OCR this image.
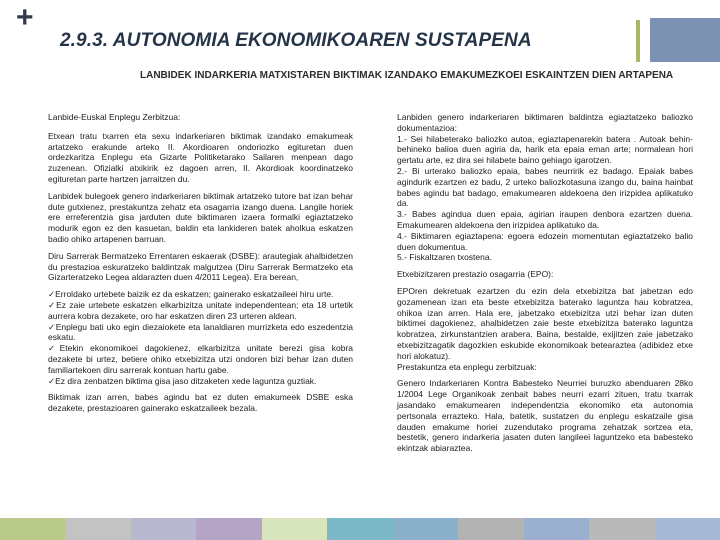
+
2.9.3. AUTONOMIA EKONOMIKOAREN SUSTAPENA
LANBIDEK INDARKERIA MATXISTAREN BIKTIMAK IZANDAKO EMAKUMEZKOEI ESKAINTZEN DIEN ARTAPENA

Lanbide-Euskal Enplegu Zerbitzua:

Etxean tratu txarren eta sexu indarkeriaren biktimak izandako emakumeak artatzeko erakunde arteko II. Akordioaren ondorioz​ko egituretan duen ordezkaritza Enplegu eta Gizarte Politiketarako Sailaren menpean dago zuzenean. Ofizialki atxikirik ez dagoen arren, II. Akordioak koordinatzeko egituretan parte hartzen jarraitzen du.

Lanbidek bulegoek genero indarkeriaren biktimak artatzeko tutore bat izan behar dute gutxienez, prestakuntza zehatz eta osagarria izango duena. Langile horiek ere erreferentzia gisa jarduten dute biktimaren izaera formalki egiaztatzeko modurik egon ez den kasuetan, baldin eta lankideren batek aholkua eskatzen badio ohiko artapenen barruan.

Diru Sarrerak Bermatzeko Errentaren eskaerak (DSBE): arautegiak ahalbidetzen du prestazioa eskuratzeko baldintzak malgutzea (Diru Sarrerak Bermatzeko eta Gizarteratzeko Legea aldarazten duen 4/2011 Legea). Era berean,

✓Erroldako urtebete baizik ez da eskatzen; gainerako eskatzaileei hiru urte.

✓Ez zaie urtebete eskatzen elkarbizitza unitate independentean; eta 18 urtetik aurrera kobra dezakete, oro har eskatzen diren 23 urteren aldean.

✓Enplegu bati uko egin diezaiokete eta lanaldiaren murrizketa edo eszedentzia eskatu.

✓Etekin ekonomikoei dagokienez, elkarbizitza unitate berezi gisa kobra dezakete bi urtez, betiere ohiko etxebizitza utzi ondoren bizi behar izan duten familiartekoen diru sarrerak kontuan hartu gabe.

✓Ez dira zenbatzen biktima gisa jaso ditzaketen xede laguntza guztiak.

Biktimak izan arren, babes agindu bat ez duten emakumeek DSBE eska dezakete, prestazioaren gainerako eskatzaileek bezala.

Lanbiden genero indarkeriaren biktimaren baldintza egiaztatzeko baliozko dokumentazioa:

1.- Sei hilabeterako baliozko autoa, egiaztapenarekin batera . Autoak behin-behineko balioa duen agiria da, harik eta epaia eman arte; normalean hori gertatu arte, ez dira sei hilabete baino gehiago igarotzen.

2.- Bi urterako baliozko epaia, babes neurririk ez badago. Epaiak babes agindurik ezartzen ez badu, 2 urteko baliozkotasuna izango du, baina hainbat babes agindu bat badago, emakumearen aldekoena den irizpidea aplikatuko da.

3.- Babes agindua duen epaia, agirian iraupen denbora ezartzen duena. Emakumearen aldekoena den irizpidea aplikatuko da.

4.- Biktimaren egiaztapena: egoera edozein momentutan egiaztatzeko balio duen dokumentua.

5.- Fiskaltzaren txostena.

Etxebizitzaren prestazio osagarria (EPO):

EPOren dekretuak ezartzen du ezin dela etxebizitza bat jabetzan edo gozamenean izan eta beste etxebizitza baterako laguntza hau kobratzea, ohikoa izan arren. Hala ere, jabetzako etxebizitza utzi behar izan duten biktimei dagokienez, ahalbidetzen zaie beste etxebizitza baterako laguntza kobratzea, zirkunstantzien arabera. Baina, bestalde, exijitzen zaie jabetzako etxebizitzagatik dagozkien eskubide ekonomikoak betearaztea (adibidez etxe hori alokatuz).

Prestakuntza eta enplegu zerbitzuak:

Genero Indarkeriaren Kontra Babesteko Neurriei buruzko abenduaren 28ko 1/2004 Lege Organikoak zenbait babes neurri ezarri zituen, tratu txarrak jasandako emakumearen independentzia ekonomiko eta autonomia pertsonala errazteko. Hala, batetik, sustatzen du enplegu eskatzaile gisa dauden emakume horiei zuzendutako programa zehatzak sortzea eta, bestetik, genero indarkeria jasaten duten langileei laguntzeko eta babesteko ekintzak abiaraztea.
